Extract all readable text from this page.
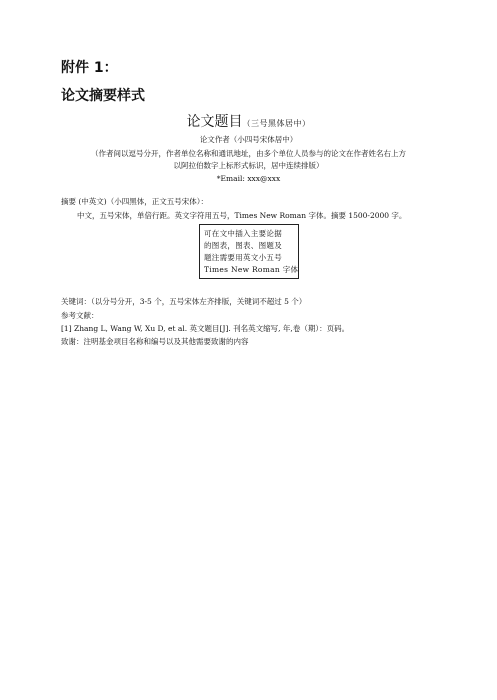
附件 1：
论文摘要样式
论文题目（三号黑体居中）
论文作者（小四号宋体居中）
（作者间以逗号分开，作者单位名称和通讯地址，由多个单位人员参与的论文在作者姓名右上方
以阿拉伯数字上标形式标识，居中连续排版）
*Email: xxx@xxx
摘要 (中英文)（小四黑体，正文五号宋体）：
中文，五号宋体，单倍行距。英文字符用五号，Times New Roman 字体。摘要 1500-2000 字。
可在文中插入主要论据
的图表，图表、图题及
题注需要用英文小五号
Times New Roman 字体
关键词：（以分号分开，3-5 个，五号宋体左齐排版，关键词不超过 5 个）
参考文献：
[1] Zhang L, Wang W, Xu D, et al. 英文题目[J]. 刊名英文缩写, 年,卷（期）：页码。
致谢：注明基金项目名称和编号以及其他需要致谢的内容
